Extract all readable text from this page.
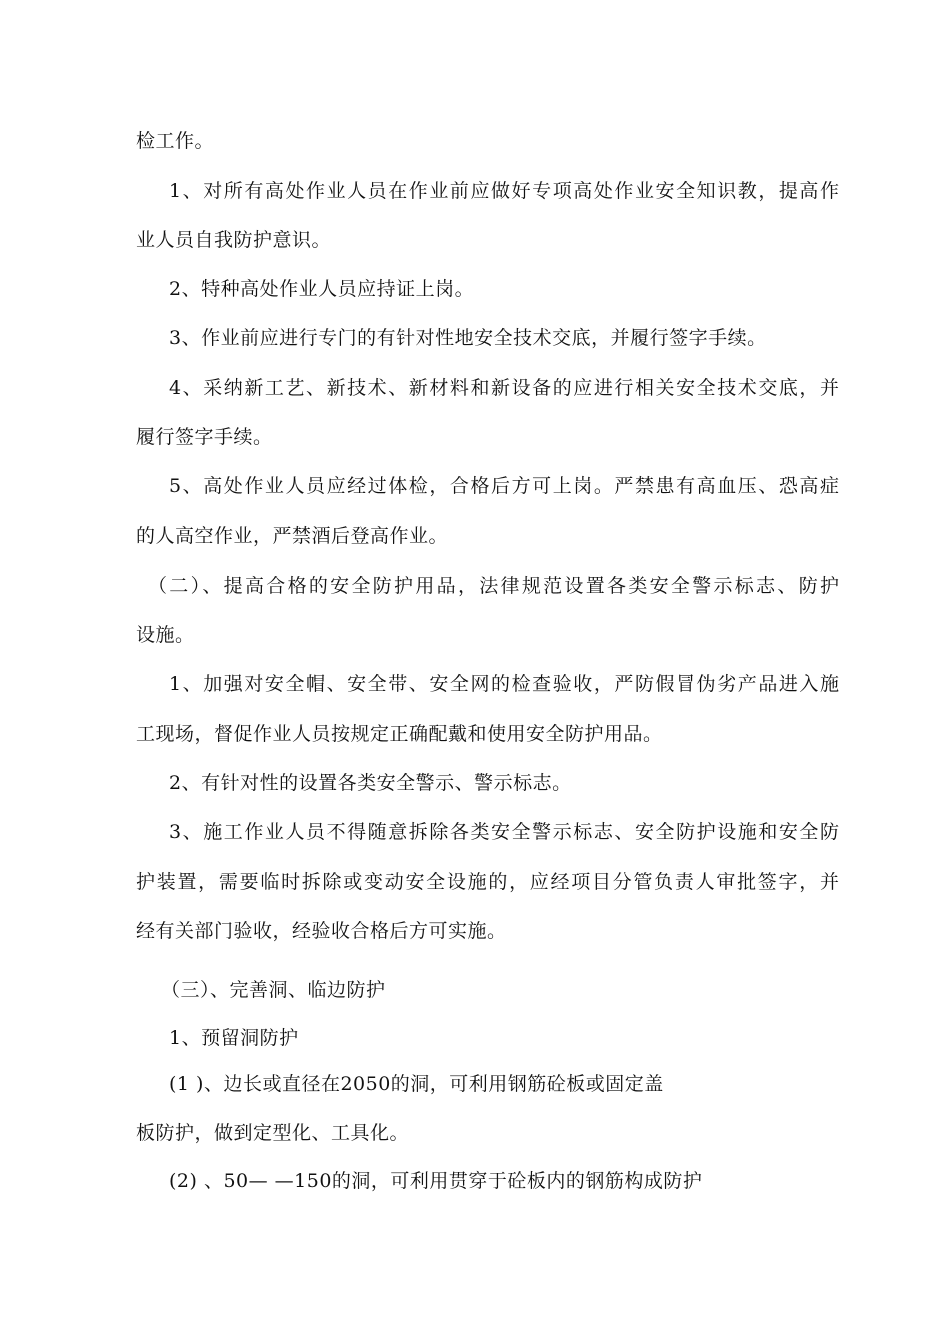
检工作。
1、对所有高处作业人员在作业前应做好专项高处作业安全知识教，提高作
业人员自我防护意识。
2、特种高处作业人员应持证上岗。
3、作业前应进行专门的有针对性地安全技术交底，并履行签字手续。
4、采纳新工艺、新技术、新材料和新设备的应进行相关安全技术交底，并
履行签字手续。
5、高处作业人员应经过体检，合格后方可上岗。严禁患有高血压、恐高症
的人高空作业，严禁酒后登高作业。
（二）、提高合格的安全防护用品，法律规范设置各类安全警示标志、防护
设施。
1、加强对安全帽、安全带、安全网的检查验收，严防假冒伪劣产品进入施
工现场，督促作业人员按规定正确配戴和使用安全防护用品。
2、有针对性的设置各类安全警示、警示标志。
3、施工作业人员不得随意拆除各类安全警示标志、安全防护设施和安全防
护装置，需要临时拆除或变动安全设施的，应经项目分管负责人审批签字，并
经有关部门验收，经验收合格后方可实施。
（三）、完善洞、临边防护
1、预留洞防护
(1 )、边长或直径在2050的洞，可利用钢筋砼板或固定盖
板防护，做到定型化、工具化。
(2) 、50— —150的洞，可利用贯穿于砼板内的钢筋构成防护
